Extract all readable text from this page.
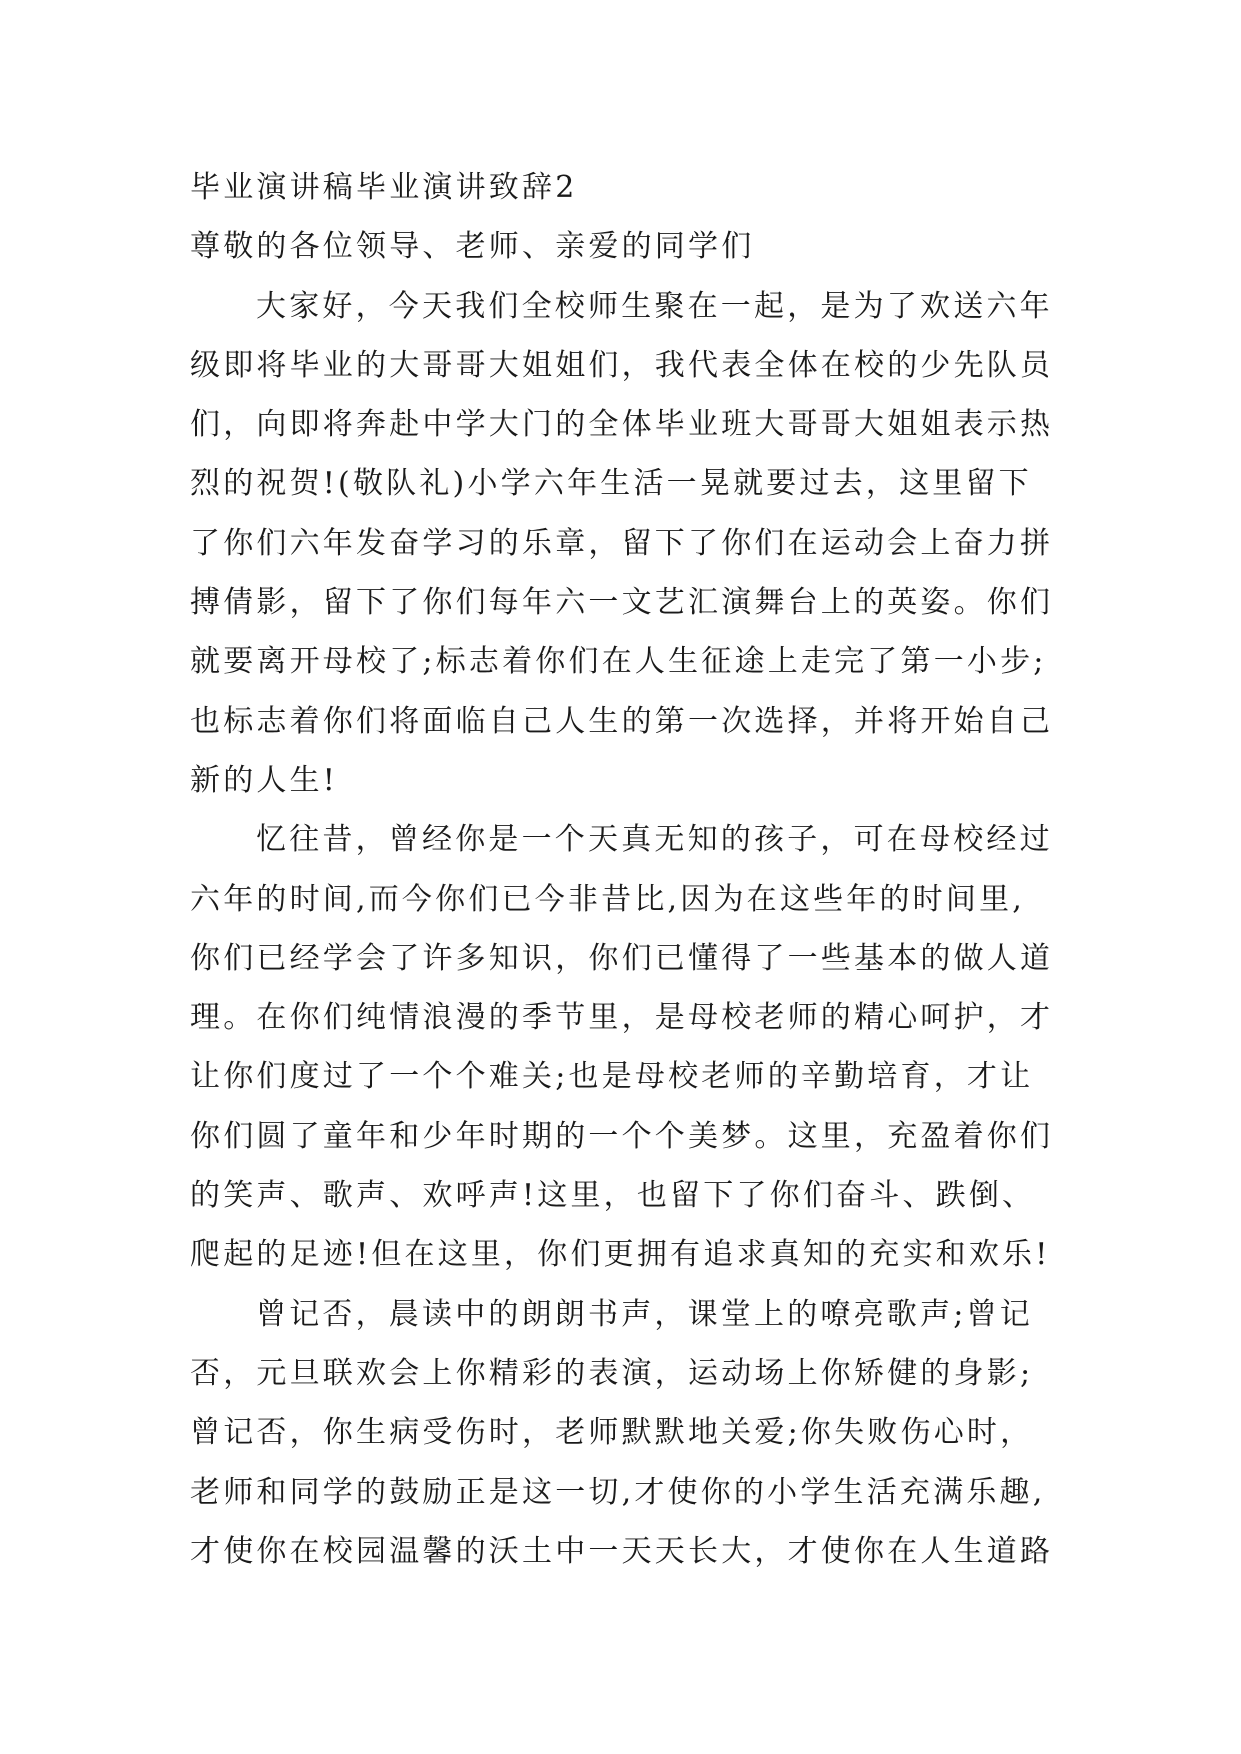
毕业演讲稿毕业演讲致辞2

尊敬的各位领导、老师、亲爱的同学们

大家好，今天我们全校师生聚在一起，是为了欢送六年

级即将毕业的大哥哥大姐姐们，我代表全体在校的少先队员

们，向即将奔赴中学大门的全体毕业班大哥哥大姐姐表示热

烈的祝贺!(敬队礼)小学六年生活一晃就要过去，这里留下

了你们六年发奋学习的乐章，留下了你们在运动会上奋力拼

搏倩影，留下了你们每年六一文艺汇演舞台上的英姿。你们

就要离开母校了;标志着你们在人生征途上走完了第一小步;

也标志着你们将面临自己人生的第一次选择，并将开始自己

新的人生!

忆往昔，曾经你是一个天真无知的孩子，可在母校经过

六年的时间,而今你们已今非昔比,因为在这些年的时间里,

你们已经学会了许多知识，你们已懂得了一些基本的做人道

理。在你们纯情浪漫的季节里，是母校老师的精心呵护，才

让你们度过了一个个难关;也是母校老师的辛勤培育，才让

你们圆了童年和少年时期的一个个美梦。这里，充盈着你们

的笑声、歌声、欢呼声!这里，也留下了你们奋斗、跌倒、

爬起的足迹!但在这里，你们更拥有追求真知的充实和欢乐!

曾记否，晨读中的朗朗书声，课堂上的嘹亮歌声;曾记

否，元旦联欢会上你精彩的表演，运动场上你矫健的身影;

曾记否，你生病受伤时，老师默默地关爱;你失败伤心时，

老师和同学的鼓励正是这一切,才使你的小学生活充满乐趣,

才使你在校园温馨的沃土中一天天长大，才使你在人生道路
